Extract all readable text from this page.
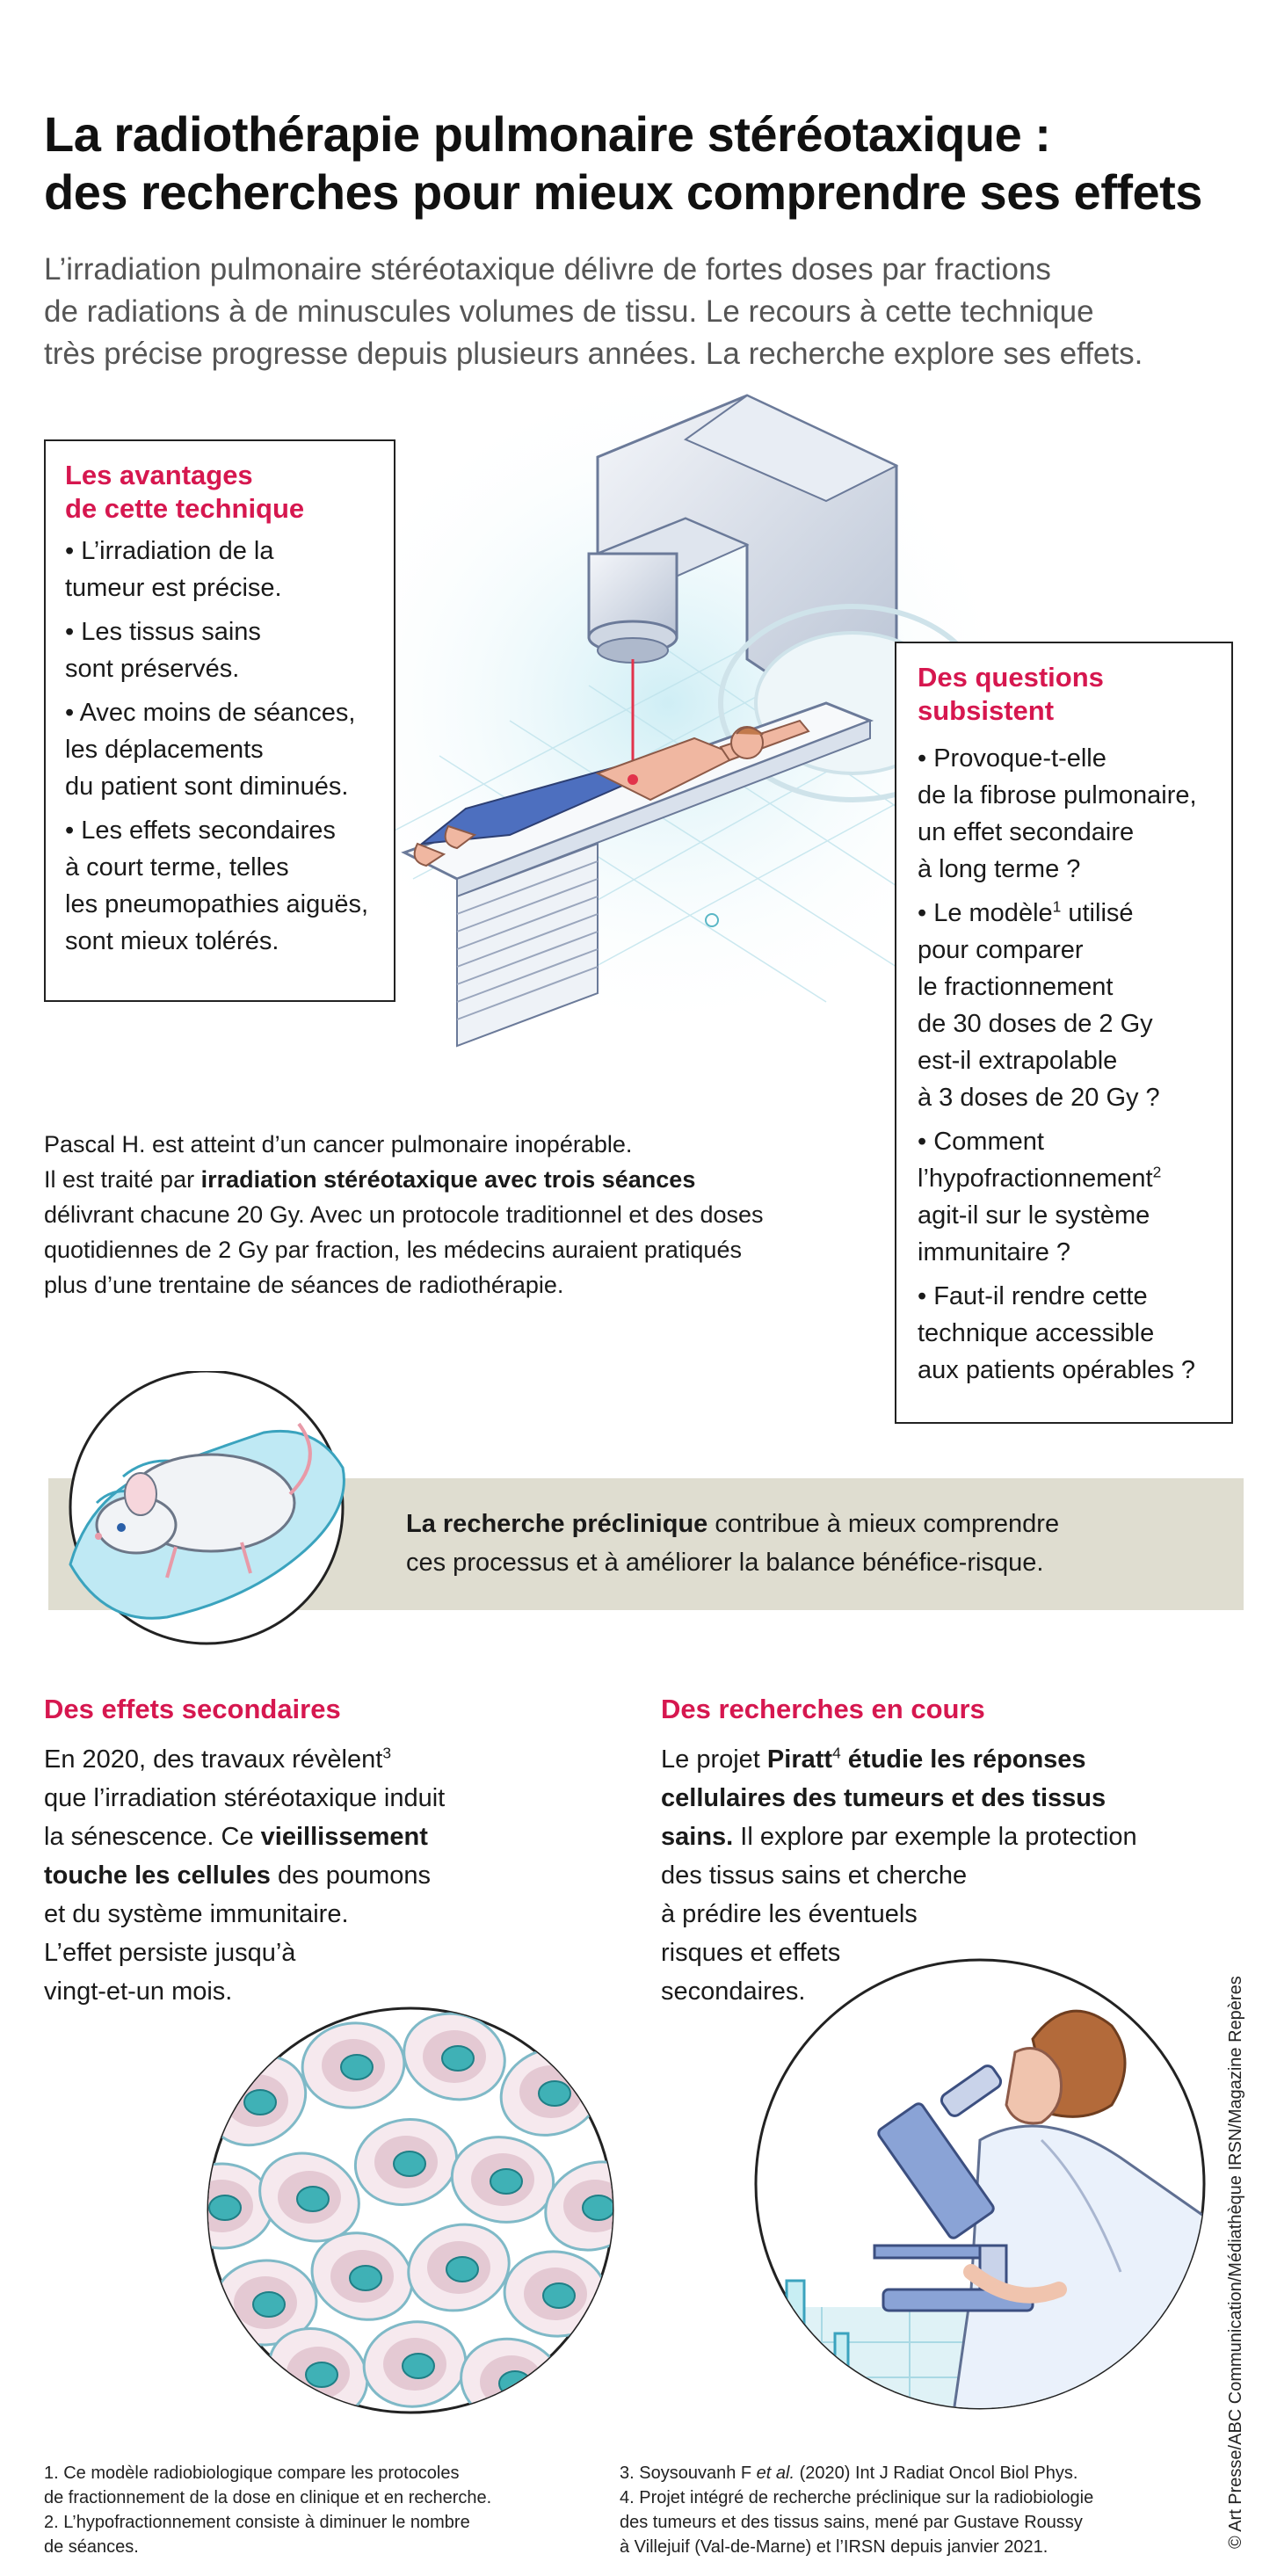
La radiothérapie pulmonaire stéréotaxique :
des recherches pour mieux comprendre ses effets
L’irradiation pulmonaire stéréotaxique délivre de fortes doses par fractions
de radiations à de minuscules volumes de tissu. Le recours à cette technique
très précise progresse depuis plusieurs années. La recherche explore ses effets.
Les avantages
de cette technique
• L’irradiation de la
tumeur est précise.
• Les tissus sains
sont préservés.
• Avec moins de séances,
les déplacements
du patient sont diminués.
• Les effets secondaires
à court terme, telles
les pneumopathies aiguës,
sont mieux tolérés.
Des questions
subsistent
• Provoque-t-elle
de la fibrose pulmonaire,
un effet secondaire
à long terme ?
• Le modèle$^1$ utilisé
pour comparer
le fractionnement
de 30 doses de 2 Gy
est-il extrapolable
à 3 doses de 20 Gy ?
• Comment
l’hypofractionnement$^2$
agit-il sur le système
immunitaire ?
• Faut-il rendre cette
technique accessible
aux patients opérables ?
Pascal H. est atteint d’un cancer pulmonaire inopérable.
Il est traité par irradiation stéréotaxique avec trois séances
délivrant chacune 20 Gy. Avec un protocole traditionnel et des doses
quotidiennes de 2 Gy par fraction, les médecins auraient pratiqués
plus d’une trentaine de séances de radiothérapie.
La recherche préclinique contribue à mieux comprendre
ces processus et à améliorer la balance bénéfice-risque.
Des effets secondaires
En 2020, des travaux révèlent$^3$
que l’irradiation stéréotaxique induit
la sénescence. Ce vieillissement
touche les cellules des poumons
et du système immunitaire.
L’effet persiste jusqu’à
vingt-et-un mois.
Des recherches en cours
Le projet Piratt$^4$ étudie les réponses
cellulaires des tumeurs et des tissus
sains. Il explore par exemple la protection
des tissus sains et cherche
à prédire les éventuels
risques et effets
secondaires.
1. Ce modèle radiobiologique compare les protocoles
de fractionnement de la dose en clinique et en recherche.
2. L’hypofractionnement consiste à diminuer le nombre
de séances.
3. Soysouvanh F et al. (2020) Int J Radiat Oncol Biol Phys.
4. Projet intégré de recherche préclinique sur la radiobiologie
des tumeurs et des tissus sains, mené par Gustave Roussy
à Villejuif (Val-de-Marne) et l’IRSN depuis janvier 2021.	© Art Presse/ABC Communication/Médiathèque IRSN/Magazine Repères
